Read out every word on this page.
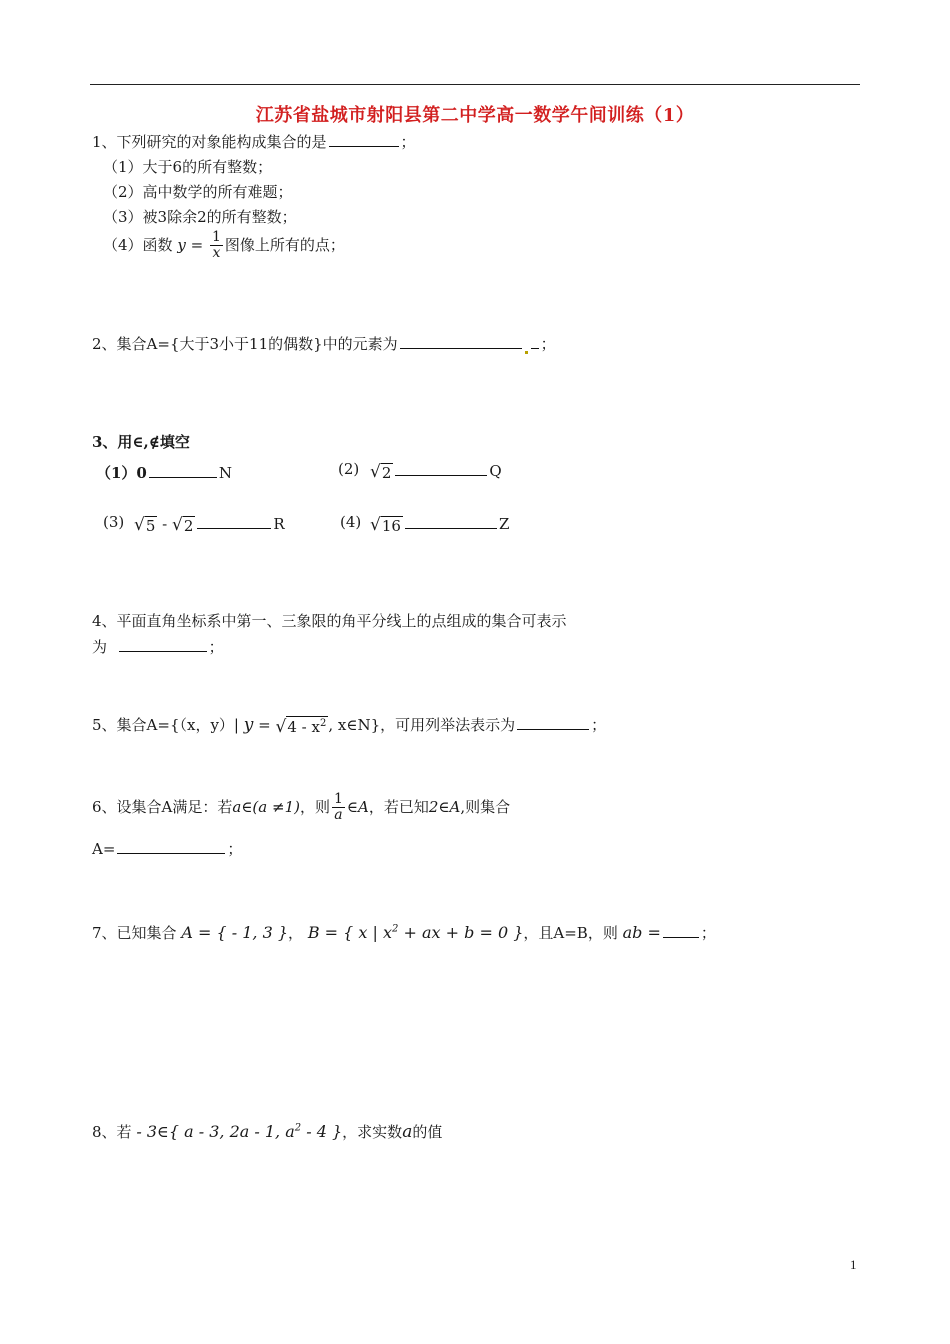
江苏省盐城市射阳县第二中学高一数学午间训练（1）
1、下列研究的对象能构成集合的是	；
（1）大于6的所有整数；
（2）高中数学的所有难题；
（3）被3除余2的所有整数；
（4）函数 $y = \frac{1}{x}$ 图像上所有的点；
2、集合A={大于3小于11的偶数}中的元素为	；
3、用∈,∉填空
（1）0	N	(2) √ 2	Q
(3) √ 5 - √ 2	R	(4) √ 16	Z
4、平面直角坐标系中第一、三象限的角平分线上的点组成的集合可表示
为	；
5、集合A={（x，y）| y = √ $4 - x^2$ , x∈N}，可用列举法表示为	；
6、设集合A满足：若a∈(a ≠1)，则 $\frac{1}{a}$ ∈A，若已知2∈A,则集合
A=	；
7、已知集合 A = { - 1, 3 }， B = { x | $x^2$ + ax + b = 0 }，且A=B，则 ab =	；
8、若 - 3∈{ a - 3, 2a - 1, $a^2 - 4$ }，求实数a的值
1
